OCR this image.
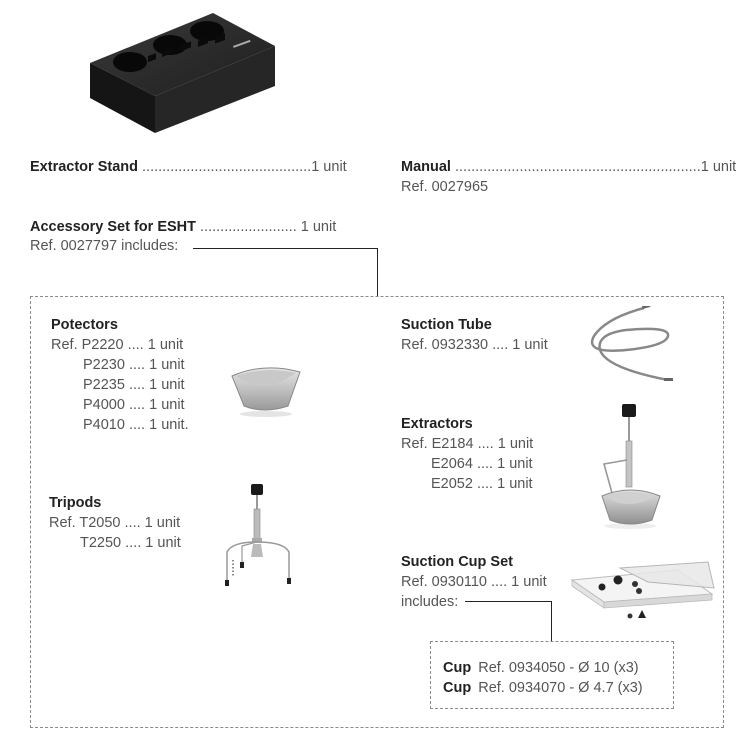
Extractor Stand ..........................................1 unit	Manual .............................................................1 unit
Ref. 0027965
Accessory Set for ESHT ........................ 1 unit
Ref. 0027797 includes:
Potectors
Ref. P2220 .... 1 unit
P2230 .... 1 unit
P2235 .... 1 unit
P4000 .... 1 unit
P4010 .... 1 unit.
Tripods
Ref. T2050 .... 1 unit
T2250 .... 1 unit
Suction Tube
Ref. 0932330 .... 1 unit
Extractors
Ref. E2184 .... 1 unit
E2064 .... 1 unit
E2052 .... 1 unit
Suction Cup Set
Ref. 0930110 .... 1 unit
includes:
Cup Ref. 0934050 - Ø 10 (x3)
Cup Ref. 0934070 - Ø 4.7 (x3)
